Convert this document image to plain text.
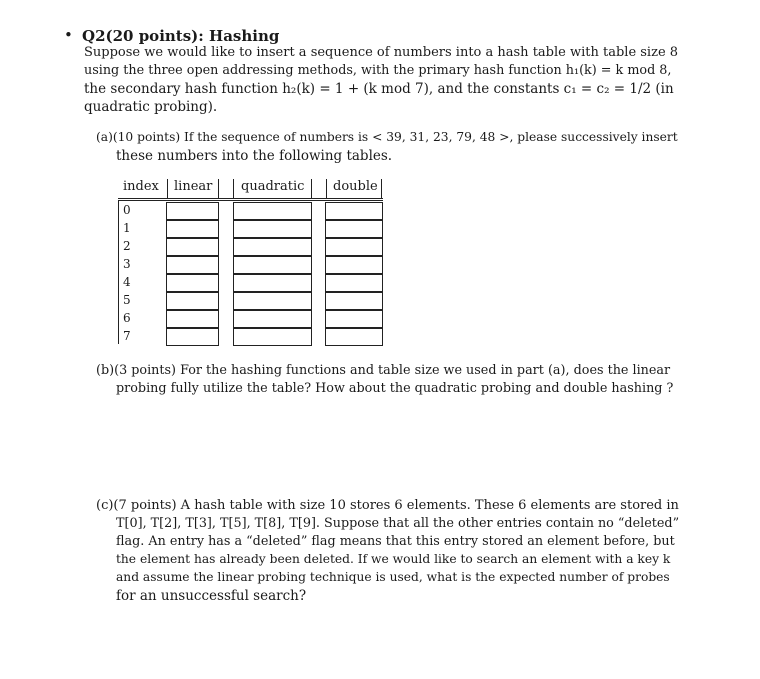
• Q2(20 points): Hashing
Suppose we would like to insert a sequence of numbers into a hash table with table size 8
using the three open addressing methods, with the primary hash function h₁(k) = k mod 8,
the secondary hash function h₂(k) = 1 + (k mod 7), and the constants c₁ = c₂ = 1/2 (in
quadratic probing).
(a)(10 points) If the sequence of numbers is < 39, 31, 23, 79, 48 >, please successively insert
these numbers into the following tables.
index linear quadratic double
0
1
2
3
4
5
6
7
(b)(3 points) For the hashing functions and table size we used in part (a), does the linear
probing fully utilize the table? How about the quadratic probing and double hashing ?
(c)(7 points) A hash table with size 10 stores 6 elements. These 6 elements are stored in
T[0], T[2], T[3], T[5], T[8], T[9]. Suppose that all the other entries contain no “deleted”
flag. An entry has a “deleted” flag means that this entry stored an element before, but
the element has already been deleted. If we would like to search an element with a key k
and assume the linear probing technique is used, what is the expected number of probes
for an unsuccessful search?
